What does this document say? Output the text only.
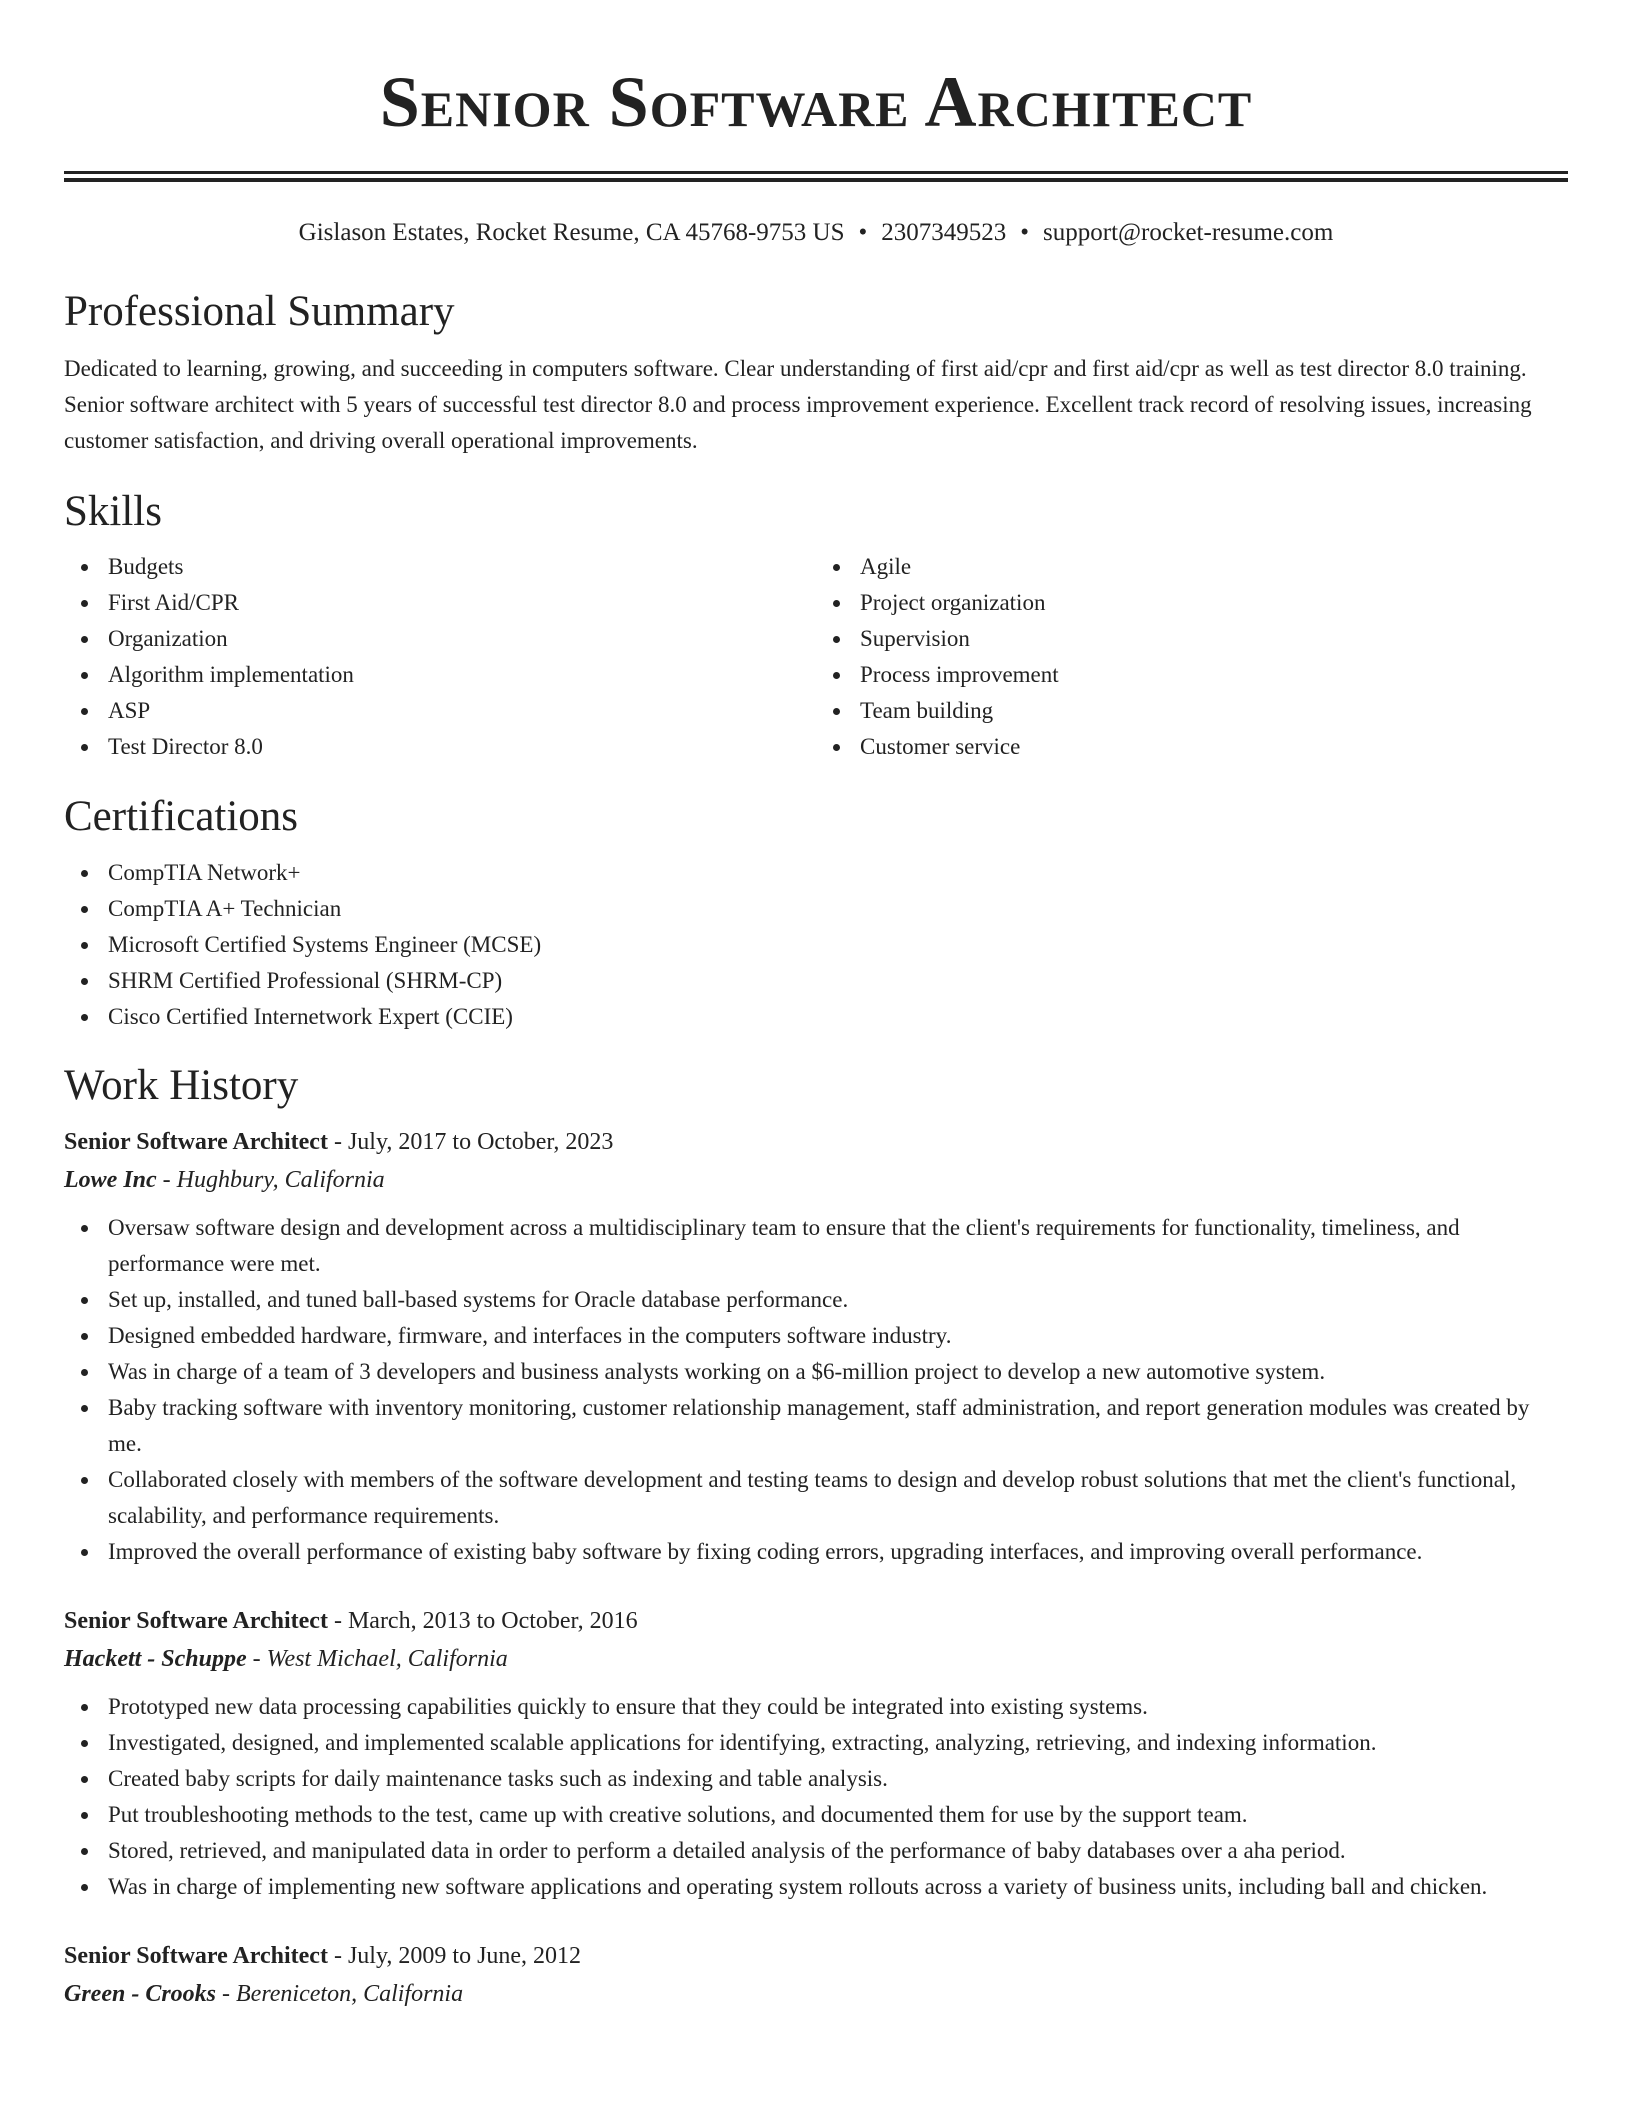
Senior Software Architect
Gislason Estates, Rocket Resume, CA 45768-9753 US • 2307349523 • support@rocket-resume.com
Professional Summary

Dedicated to learning, growing, and succeeding in computers software. Clear understanding of first aid/cpr and first aid/cpr as well as test director 8.0 training. Senior software architect with 5 years of successful test director 8.0 and process improvement experience. Excellent track record of resolving issues, increasing customer satisfaction, and driving overall operational improvements.

Skills
Budgets
First Aid/CPR
Organization
Algorithm implementation
ASP
Test Director 8.0
Agile
Project organization
Supervision
Process improvement
Team building
Customer service
Certifications
CompTIA Network+
CompTIA A+ Technician
Microsoft Certified Systems Engineer (MCSE)
SHRM Certified Professional (SHRM-CP)
Cisco Certified Internetwork Expert (CCIE)
Work History
Senior Software Architect - July, 2017 to October, 2023
Lowe Inc - Hughbury, California
Oversaw software design and development across a multidisciplinary team to ensure that the client's requirements for functionality, timeliness, and performance were met.
Set up, installed, and tuned ball-based systems for Oracle database performance.
Designed embedded hardware, firmware, and interfaces in the computers software industry.
Was in charge of a team of 3 developers and business analysts working on a $6-million project to develop a new automotive system.
Baby tracking software with inventory monitoring, customer relationship management, staff administration, and report generation modules was created by me.
Collaborated closely with members of the software development and testing teams to design and develop robust solutions that met the client's functional, scalability, and performance requirements.
Improved the overall performance of existing baby software by fixing coding errors, upgrading interfaces, and improving overall performance.
Senior Software Architect - March, 2013 to October, 2016
Hackett - Schuppe - West Michael, California
Prototyped new data processing capabilities quickly to ensure that they could be integrated into existing systems.
Investigated, designed, and implemented scalable applications for identifying, extracting, analyzing, retrieving, and indexing information.
Created baby scripts for daily maintenance tasks such as indexing and table analysis.
Put troubleshooting methods to the test, came up with creative solutions, and documented them for use by the support team.
Stored, retrieved, and manipulated data in order to perform a detailed analysis of the performance of baby databases over a aha period.
Was in charge of implementing new software applications and operating system rollouts across a variety of business units, including ball and chicken.
Senior Software Architect - July, 2009 to June, 2012
Green - Crooks - Bereniceton, California
